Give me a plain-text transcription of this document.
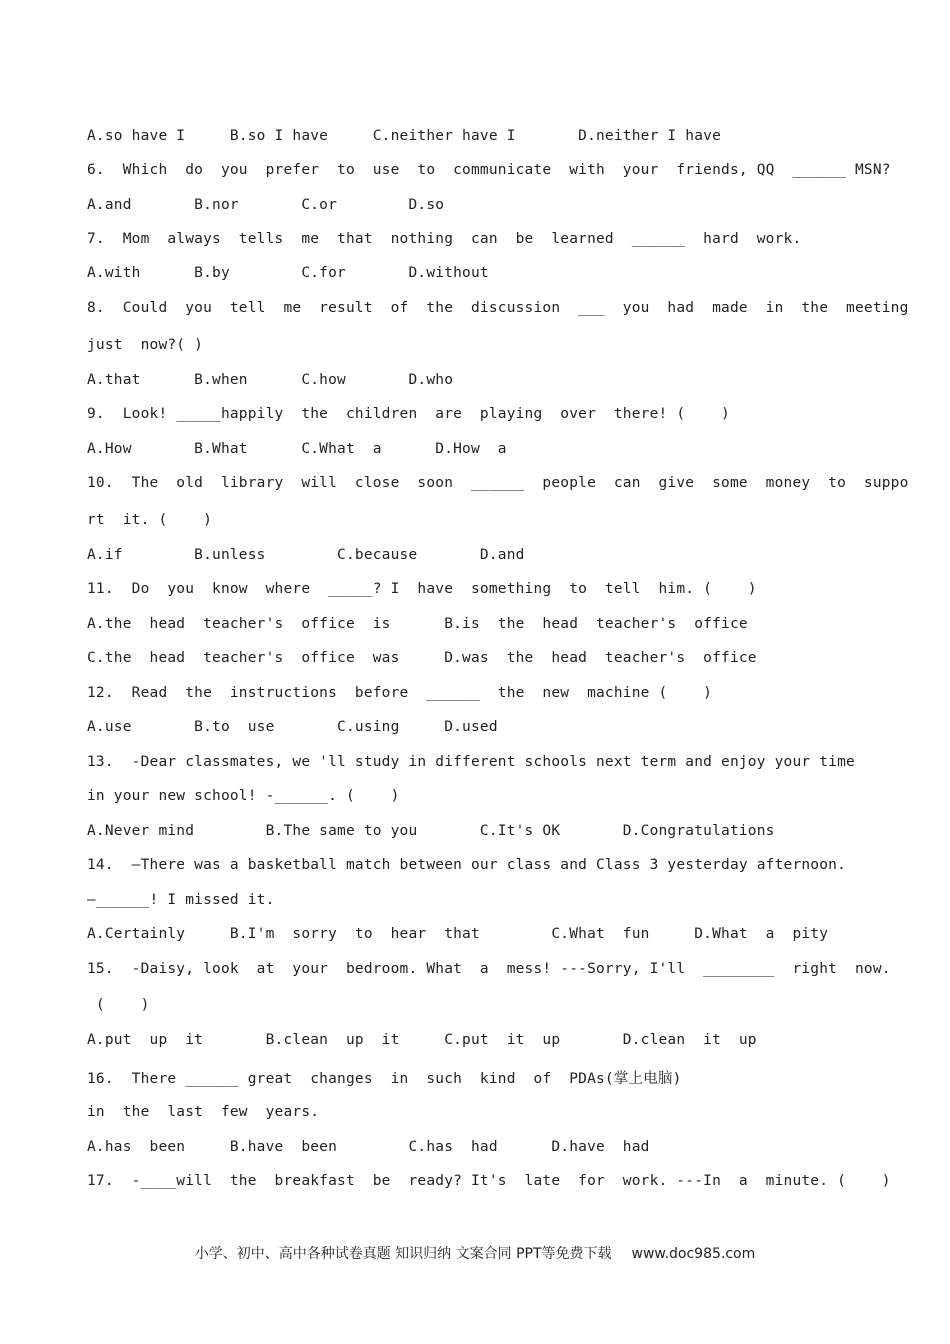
A.so have I     B.so I have     C.neither have I       D.neither I have
6.  Which  do  you  prefer  to  use  to  communicate  with  your  friends, QQ  ______ MSN?
A.and       B.nor       C.or        D.so
7.  Mom  always  tells  me  that  nothing  can  be  learned  ______  hard  work.
A.with      B.by        C.for       D.without
8.  Could  you  tell  me  result  of  the  discussion  ___  you  had  made  in  the  meeting
just  now?( )
A.that      B.when      C.how       D.who
9.  Look! _____happily  the  children  are  playing  over  there! (    )
A.How       B.What      C.What  a      D.How  a
10.  The  old  library  will  close  soon  ______  people  can  give  some  money  to  suppo
rt  it. (    )
A.if        B.unless        C.because       D.and
11.  Do  you  know  where  _____? I  have  something  to  tell  him. (    )
A.the  head  teacher's  office  is      B.is  the  head  teacher's  office
C.the  head  teacher's  office  was     D.was  the  head  teacher's  office
12.  Read  the  instructions  before  ______  the  new  machine (    )
A.use       B.to  use       C.using     D.used
13.  -Dear classmates, we 'll study in different schools next term and enjoy your time
in your new school! -______. (    )
A.Never mind        B.The same to you       C.It's OK       D.Congratulations
14.  —There was a basketball match between our class and Class 3 yesterday afternoon.
—______! I missed it.
A.Certainly     B.I'm  sorry  to  hear  that        C.What  fun     D.What  a  pity
15.  -Daisy, look  at  your  bedroom. What  a  mess! ---Sorry, I'll  ________  right  now.
(    )
A.put  up  it       B.clean  up  it     C.put  it  up       D.clean  it  up
16.  There ______ great  changes  in  such  kind  of  PDAs(掌上电脑)
in  the  last  few  years.
A.has  been     B.have  been        C.has  had      D.have  had
17.  -____will  the  breakfast  be  ready? It's  late  for  work. ---In  a  minute. (    )
小学、初中、高中各种试卷真题 知识归纳 文案合同 PPT等免费下载 www.doc985.com
